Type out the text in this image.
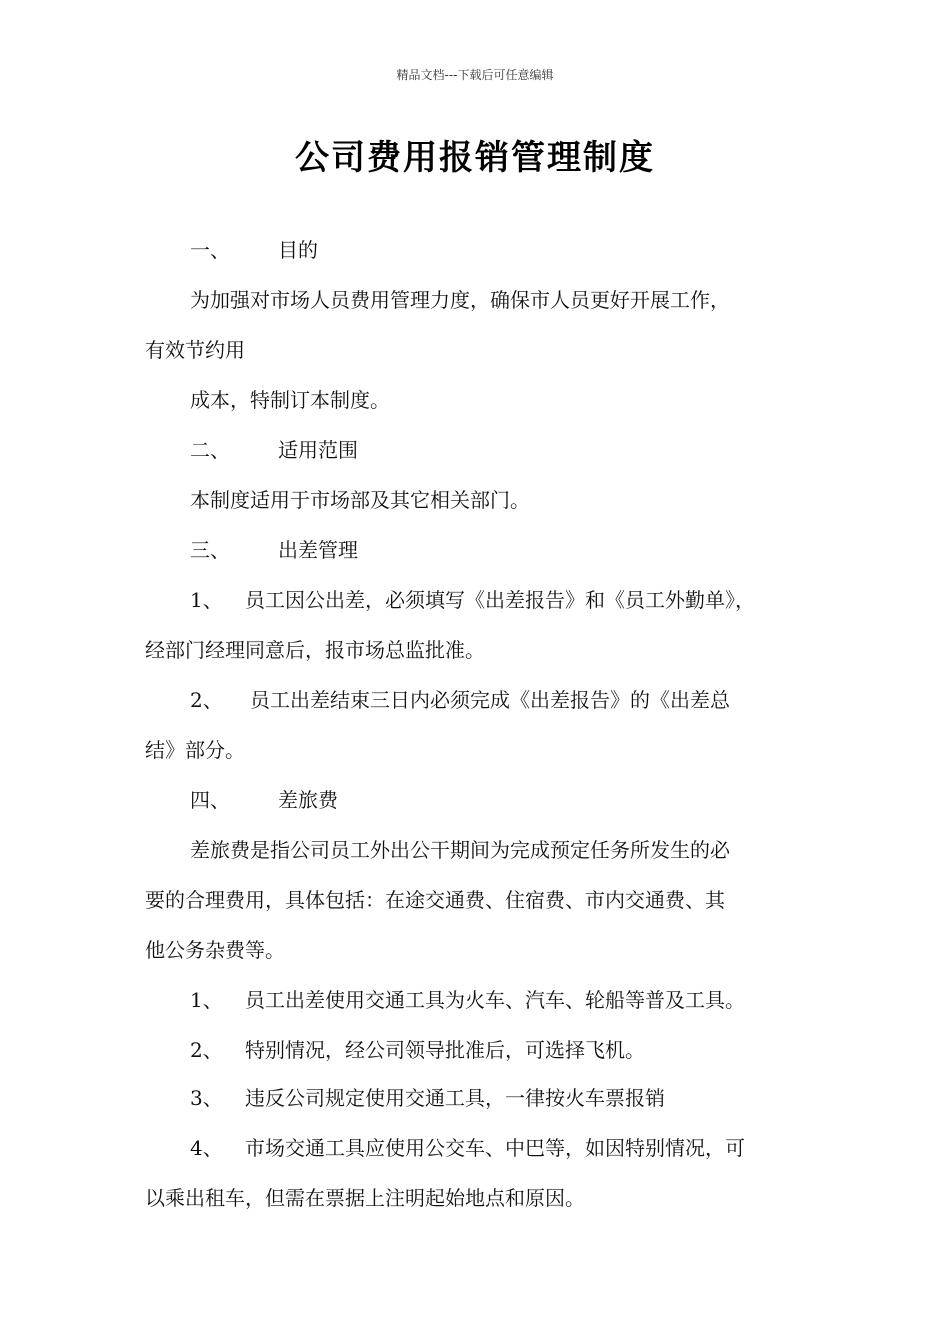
精品文档---下载后可任意编辑
公司费用报销管理制度
一、 目的
为加强对市场人员费用管理力度，确保市人员更好开展工作，
有效节约用
成本，特制订本制度。
二、 适用范围
本制度适用于市场部及其它相关部门。
三、 出差管理
1、 员工因公出差，必须填写《出差报告》和《员工外勤单》，
经部门经理同意后，报市场总监批准。
2、 员工出差结束三日内必须完成《出差报告》的《出差总
结》部分。
四、 差旅费
差旅费是指公司员工外出公干期间为完成预定任务所发生的必
要的合理费用，具体包括：在途交通费、住宿费、市内交通费、其
他公务杂费等。
1、 员工出差使用交通工具为火车、汽车、轮船等普及工具。
2、 特别情况，经公司领导批准后，可选择飞机。
3、 违反公司规定使用交通工具，一律按火车票报销
4、 市场交通工具应使用公交车、中巴等，如因特别情况，可
以乘出租车，但需在票据上注明起始地点和原因。
